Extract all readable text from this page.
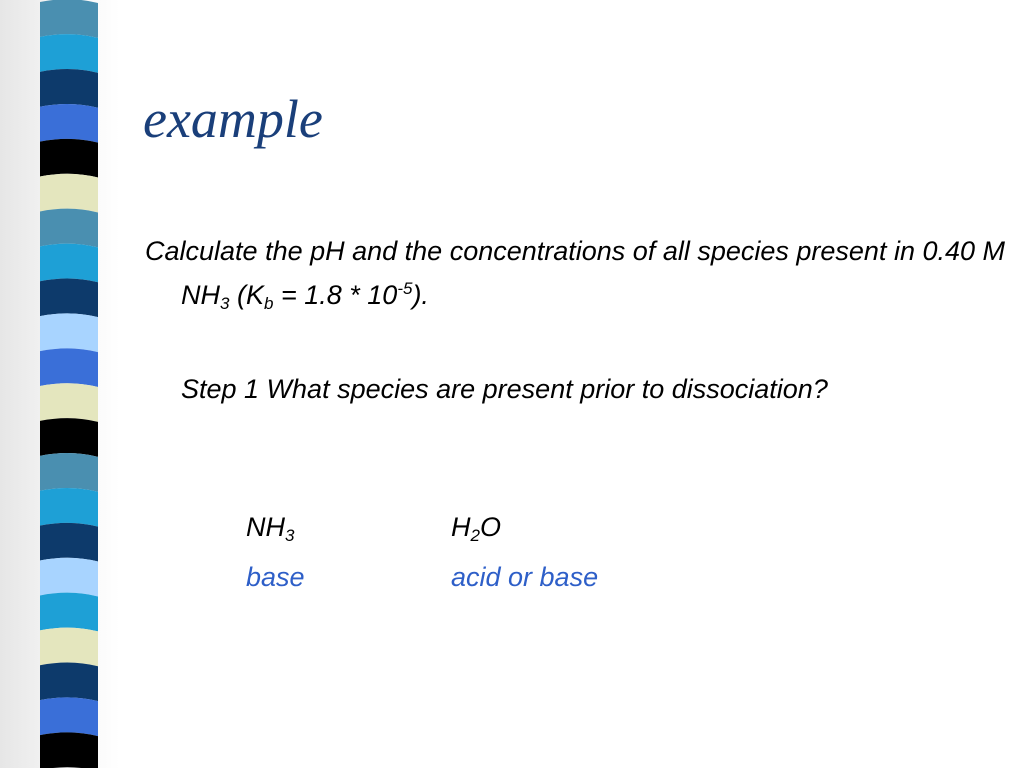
example
Calculate the pH and the concentrations of all species present in 0.40 M $NH_3$ $(K_b = 1.8 * 10^{-5})$.
Step 1 What species are present prior to dissociation?
$NH_3$	$H_2O$
base	acid or base
